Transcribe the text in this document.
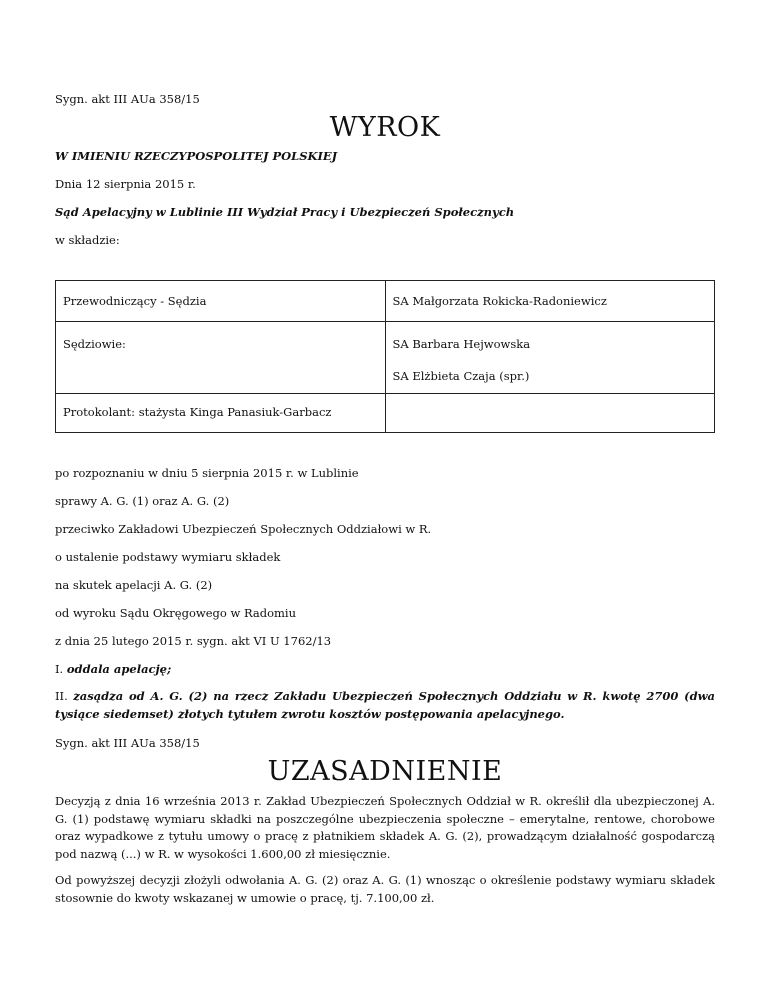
Sygn. akt III AUa 358/15
WYROK
W IMIENIU RZECZYPOSPOLITEJ POLSKIEJ
Dnia 12 sierpnia 2015 r.
Sąd Apelacyjny w Lublinie III Wydział Pracy i Ubezpieczeń Społecznych
w składzie:
Przewodniczący - Sędzia	SA Małgorzata Rokicka-Radoniewicz

Sędziowie:	SA Barbara Hejwowska
SA Elżbieta Czaja (spr.)

Protokolant: stażysta Kinga Panasiuk-Garbacz	

po rozpoznaniu w dniu 5 sierpnia 2015 r. w Lublinie
sprawy A. G. (1) oraz A. G. (2)
przeciwko Zakładowi Ubezpieczeń Społecznych Oddziałowi w R.
o ustalenie podstawy wymiaru składek
na skutek apelacji A. G. (2)
od wyroku Sądu Okręgowego w Radomiu
z dnia 25 lutego 2015 r. sygn. akt VI U 1762/13
I. oddala apelację;
II. zasądza od A. G. (2) na rzecz Zakładu Ubezpieczeń Społecznych Oddziału w R. kwotę 2700 (dwa tysiące siedemset) złotych tytułem zwrotu kosztów postępowania apelacyjnego.
Sygn. akt III AUa 358/15
UZASADNIENIE
Decyzją z dnia 16 września 2013 r. Zakład Ubezpieczeń Społecznych Oddział w R. określił dla ubezpieczonej A. G. (1) podstawę wymiaru składki na poszczególne ubezpieczenia społeczne – emerytalne, rentowe, chorobowe oraz wypadkowe z tytułu umowy o pracę z płatnikiem składek A. G. (2), prowadzącym działalność gospodarczą pod nazwą (...) w R. w wysokości 1.600,00 zł miesięcznie.
Od powyższej decyzji złożyli odwołania A. G. (2) oraz A. G. (1) wnosząc o określenie podstawy wymiaru składek stosownie do kwoty wskazanej w umowie o pracę, tj. 7.100,00 zł.
